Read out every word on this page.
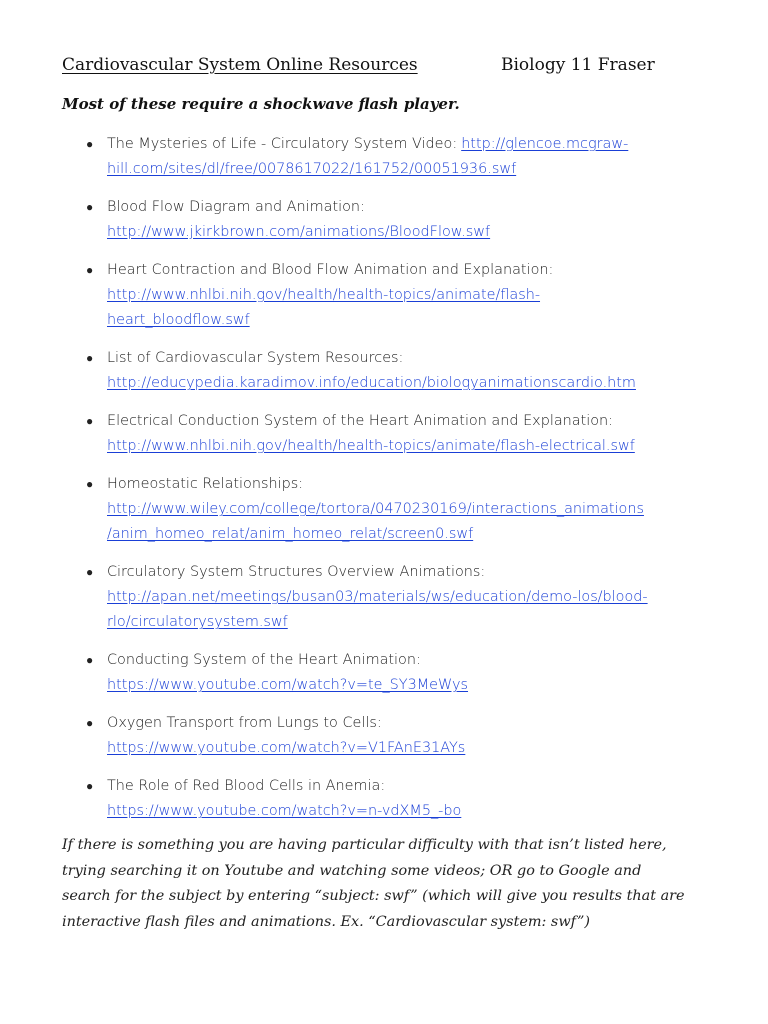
Cardiovascular System Online Resources	Biology 11 Fraser
Most of these require a shockwave flash player.
● The Mysteries of Life - Circulatory System Video: http://glencoe.mcgraw-
hill.com/sites/dl/free/0078617022/161752/00051936.swf
● Blood Flow Diagram and Animation:
http://www.jkirkbrown.com/animations/BloodFlow.swf
● Heart Contraction and Blood Flow Animation and Explanation:
http://www.nhlbi.nih.gov/health/health-topics/animate/flash-
heart_bloodflow.swf
● List of Cardiovascular System Resources:
http://educypedia.karadimov.info/education/biologyanimationscardio.htm
● Electrical Conduction System of the Heart Animation and Explanation:
http://www.nhlbi.nih.gov/health/health-topics/animate/flash-electrical.swf
● Homeostatic Relationships:
http://www.wiley.com/college/tortora/0470230169/interactions_animations
/anim_homeo_relat/anim_homeo_relat/screen0.swf
● Circulatory System Structures Overview Animations:
http://apan.net/meetings/busan03/materials/ws/education/demo-los/blood-
rlo/circulatorysystem.swf
● Conducting System of the Heart Animation:
https://www.youtube.com/watch?v=te_SY3MeWys
● Oxygen Transport from Lungs to Cells:
https://www.youtube.com/watch?v=V1FAnE31AYs
● The Role of Red Blood Cells in Anemia:
https://www.youtube.com/watch?v=n-vdXM5_-bo
If there is something you are having particular difficulty with that isn’t listed here,
trying searching it on Youtube and watching some videos; OR go to Google and
search for the subject by entering “subject: swf” (which will give you results that are
interactive flash files and animations. Ex. “Cardiovascular system: swf”)
